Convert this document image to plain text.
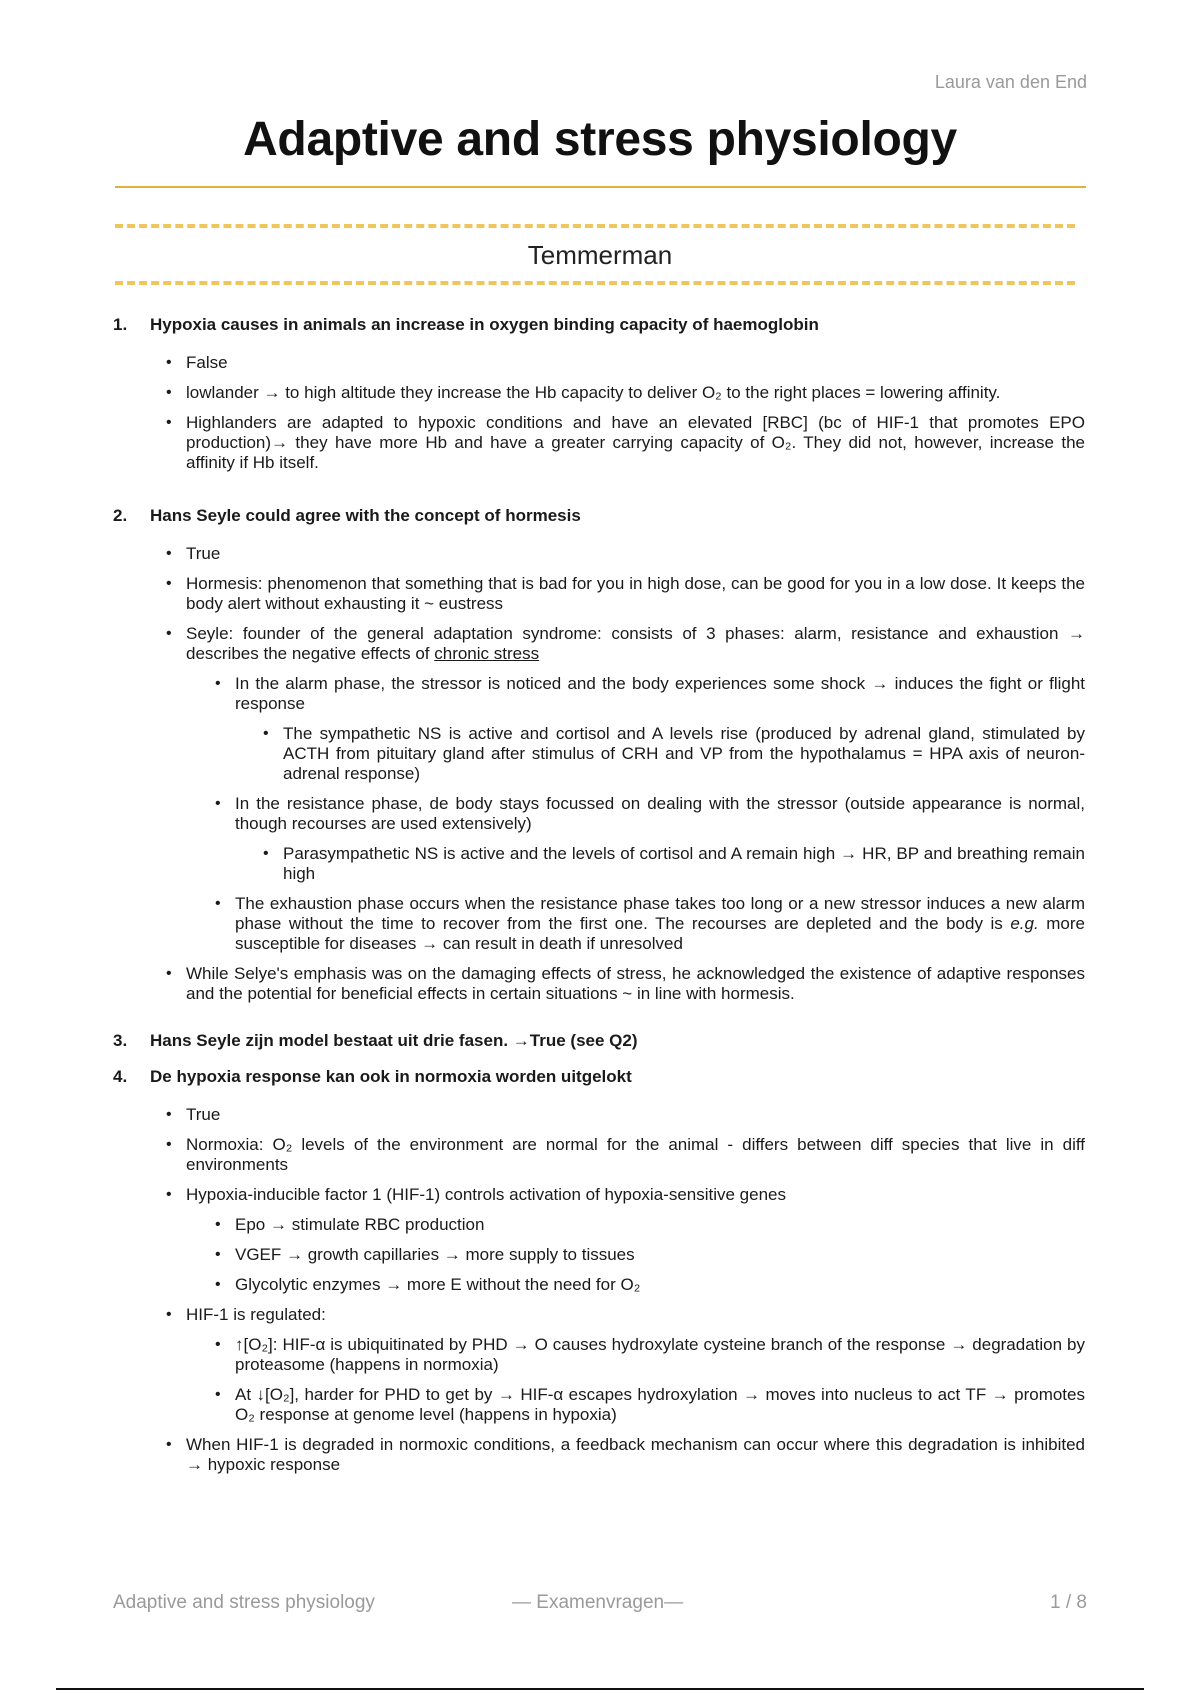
Laura van den End
Adaptive and stress physiology
Temmerman

1. Hypoxia causes in animals an increase in oxygen binding capacity of haemoglobin

• False
• lowlander → to high altitude they increase the Hb capacity to deliver O₂ to the right places = lowering affinity.
• Highlanders are adapted to hypoxic conditions and have an elevated [RBC] (bc of HIF-1 that promotes EPO production)→ they have more Hb and have a greater carrying capacity of O₂. They did not, however, increase the affinity if Hb itself.

2. Hans Seyle could agree with the concept of hormesis

• True
• Hormesis: phenomenon that something that is bad for you in high dose, can be good for you in a low dose. It keeps the body alert without exhausting it ~ eustress
• Seyle: founder of the general adaptation syndrome: consists of 3 phases: alarm, resistance and exhaustion → describes the negative effects of chronic stress
• In the alarm phase, the stressor is noticed and the body experiences some shock → induces the fight or flight response
• The sympathetic NS is active and cortisol and A levels rise (produced by adrenal gland, stimulated by ACTH from pituitary gland after stimulus of CRH and VP from the hypothalamus = HPA axis of neuron-adrenal response)
• In the resistance phase, de body stays focussed on dealing with the stressor (outside appearance is normal, though recourses are used extensively)
• Parasympathetic NS is active and the levels of cortisol and A remain high → HR, BP and breathing remain high
• The exhaustion phase occurs when the resistance phase takes too long or a new stressor induces a new alarm phase without the time to recover from the first one. The recourses are depleted and the body is e.g. more susceptible for diseases → can result in death if unresolved
• While Selye's emphasis was on the damaging effects of stress, he acknowledged the existence of adaptive responses and the potential for beneficial effects in certain situations ~ in line with hormesis.

3. Hans Seyle zijn model bestaat uit drie fasen. →True (see Q2)

4. De hypoxia response kan ook in normoxia worden uitgelokt

• True
• Normoxia: O₂ levels of the environment are normal for the animal - differs between diff species that live in diff environments
• Hypoxia-inducible factor 1 (HIF-1) controls activation of hypoxia-sensitive genes
• Epo → stimulate RBC production
• VGEF → growth capillaries → more supply to tissues
• Glycolytic enzymes → more E without the need for O₂
• HIF-1 is regulated:
• ↑[O₂]: HIF-α is ubiquitinated by PHD → O causes hydroxylate cysteine branch of the response → degradation by proteasome (happens in normoxia)
• At ↓[O₂], harder for PHD to get by → HIF-α escapes hydroxylation → moves into nucleus to act TF → promotes O₂ response at genome level (happens in hypoxia)
• When HIF-1 is degraded in normoxic conditions, a feedback mechanism can occur where this degradation is inhibited → hypoxic response
Adaptive and stress physiology	— Examenvragen—	1 / 8
